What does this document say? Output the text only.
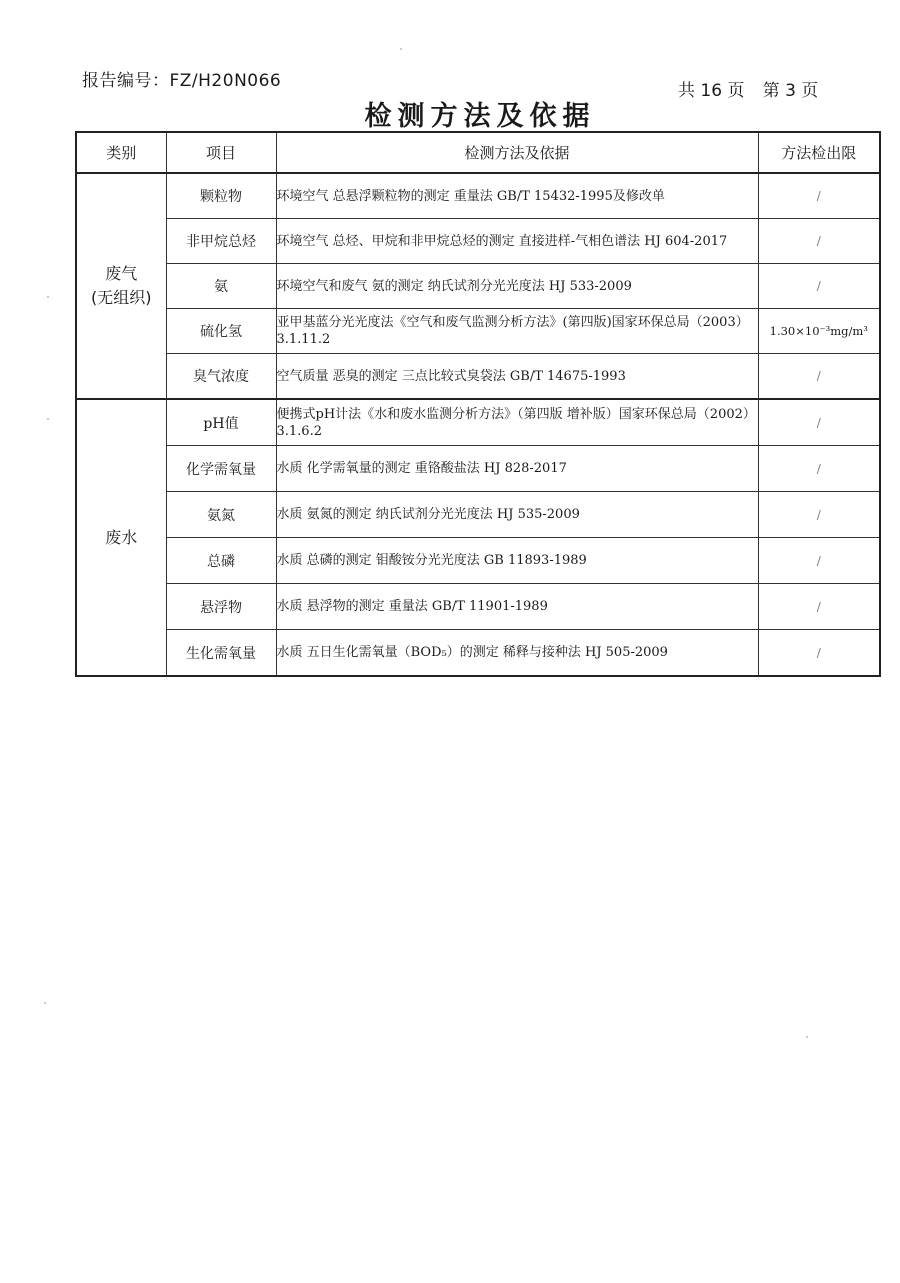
报告编号：FZ/H20N066	共 16 页 第 3 页
检测方法及依据
类别	项目	检测方法及依据	方法检出限
废气
(无组织)	颗粒物	环境空气 总悬浮颗粒物的测定 重量法 GB/T 15432-1995及修改单	/
	非甲烷总烃	环境空气 总烃、甲烷和非甲烷总烃的测定 直接进样-气相色谱法 HJ 604-2017	/
	氨	环境空气和废气 氨的测定 纳氏试剂分光光度法 HJ 533-2009	/
	硫化氢	亚甲基蓝分光光度法《空气和废气监测分析方法》(第四版)国家环保总局（2003）3.1.11.2	1.30×10⁻³mg/m³
	臭气浓度	空气质量 恶臭的测定 三点比较式臭袋法 GB/T 14675-1993	/
废水	pH值	便携式pH计法《水和废水监测分析方法》（第四版 增补版）国家环保总局（2002）3.1.6.2	/
	化学需氧量	水质 化学需氧量的测定 重铬酸盐法 HJ 828-2017	/
	氨氮	水质 氨氮的测定 纳氏试剂分光光度法 HJ 535-2009	/
	总磷	水质 总磷的测定 钼酸铵分光光度法 GB 11893-1989	/
	悬浮物	水质 悬浮物的测定 重量法 GB/T 11901-1989	/
	生化需氧量	水质 五日生化需氧量（BOD₅）的测定 稀释与接种法 HJ 505-2009	/
